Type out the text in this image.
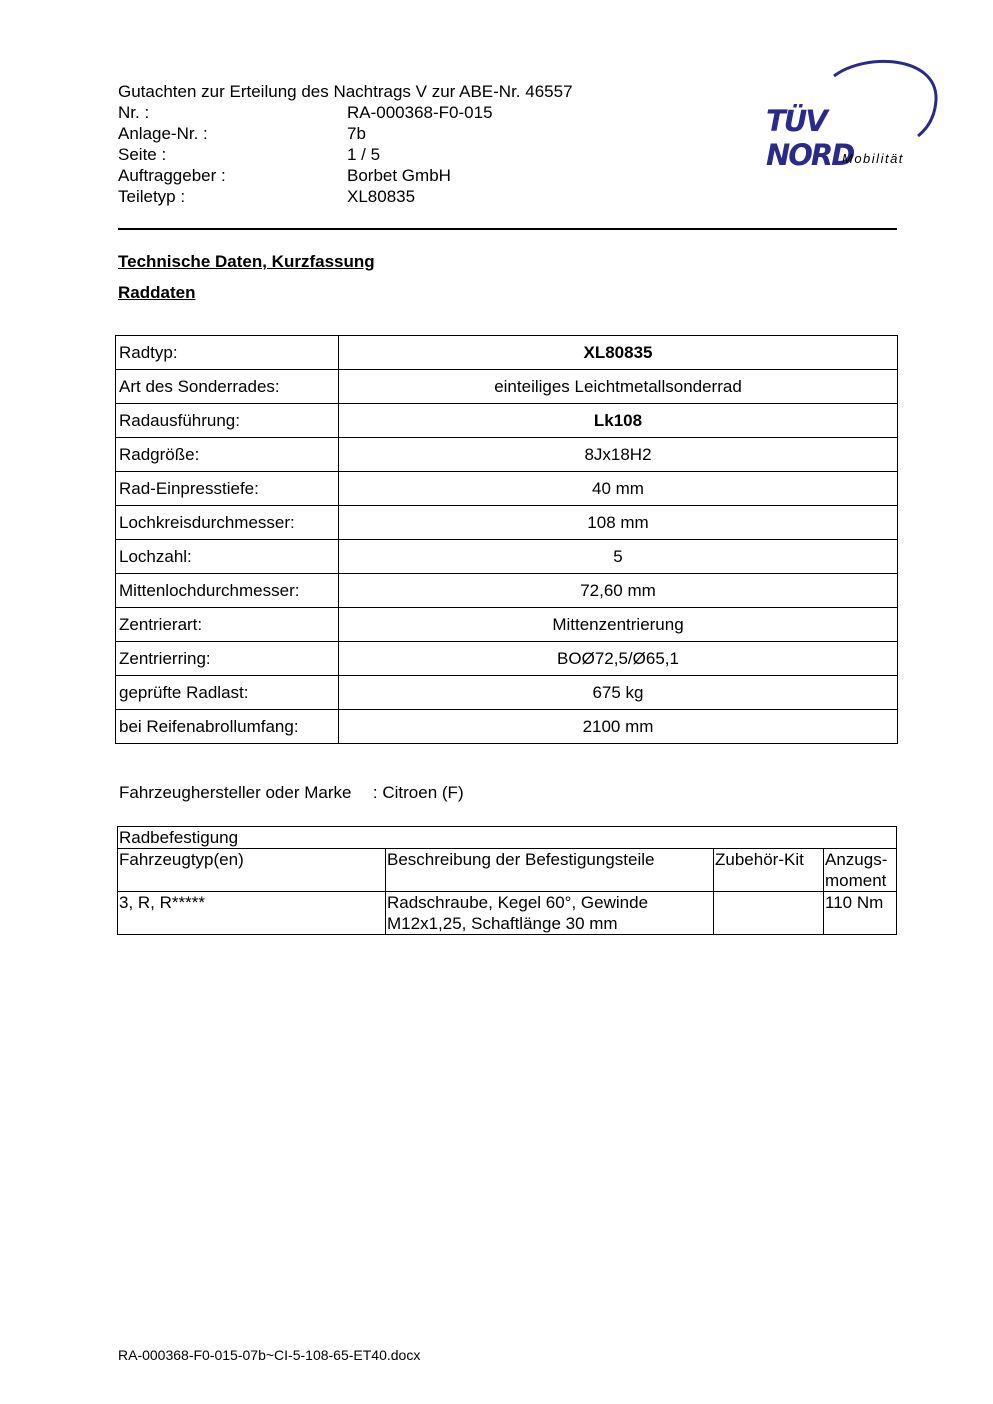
Gutachten zur Erteilung des Nachtrags V zur ABE-Nr. 46557
Nr. :	RA-000368-F0-015
Anlage-Nr. :	7b
Seite :	1 / 5
Auftraggeber :	Borbet GmbH
Teiletyp :	XL80835
TÜV NORD
Mobilität
Technische Daten, Kurzfassung
Raddaten
Radtyp:	XL80835
Art des Sonderrades:	einteiliges Leichtmetallsonderrad
Radausführung:	Lk108
Radgröße:	8Jx18H2
Rad-Einpresstiefe:	40 mm
Lochkreisdurchmesser:	108 mm
Lochzahl:	5
Mittenlochdurchmesser:	72,60 mm
Zentrierart:	Mittenzentrierung
Zentrierring:	BOØ72,5/Ø65,1
geprüfte Radlast:	675 kg
bei Reifenabrollumfang:	2100 mm
Fahrzeughersteller oder Marke : Citroen (F)
Radbefestigung			
Fahrzeugtyp(en)	Beschreibung der Befestigungsteile	Zubehör-Kit	Anzugs-
moment
3, R, R*****	Radschraube, Kegel 60°, Gewinde
M12x1,25, Schaftlänge 30 mm		110 Nm
RA-000368-F0-015-07b~CI-5-108-65-ET40.docx
